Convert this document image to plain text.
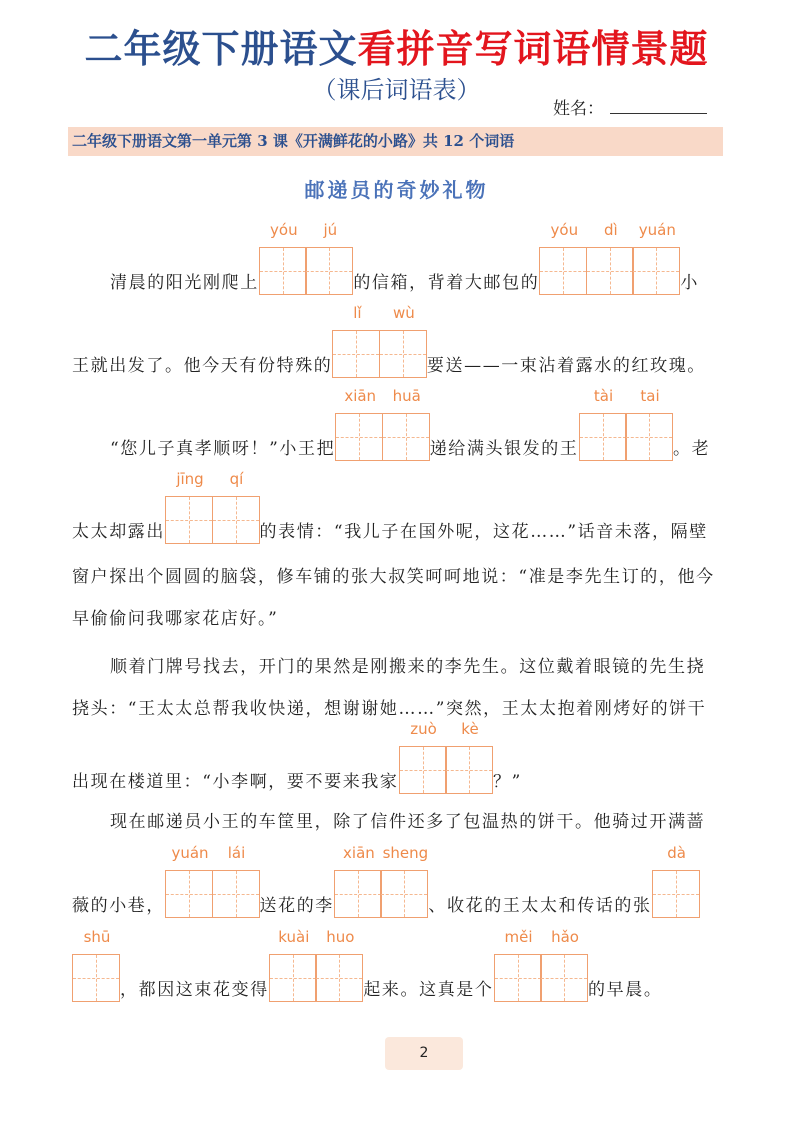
二年级下册语文看拼音写词语情景题
（课后词语表）
姓名：
二年级下册语文第一单元第 3 课《开满鲜花的小路》共 12 个词语
邮递员的奇妙礼物
清晨的阳光刚爬上
yóu	jú
的信箱，背着大邮包的
yóu	dì	yuán
小
王就出发了。他今天有份特殊的
lǐ	wù
要送——一束沾着露水的红玫瑰。
“您儿子真孝顺呀！”小王把
xiān	huā
递给满头银发的王
tài	tai
。老
太太却露出
jīng	qí
的表情：“我儿子在国外呢，这花……”话音未落，隔壁
窗户探出个圆圆的脑袋，修车铺的张大叔笑呵呵地说：“准是李先生订的，他今
早偷偷问我哪家花店好。”
顺着门牌号找去，开门的果然是刚搬来的李先生。这位戴着眼镜的先生挠
挠头：“王太太总帮我收快递，想谢谢她……”突然，王太太抱着刚烤好的饼干
出现在楼道里：“小李啊，要不要来我家
zuò	kè
？”
现在邮递员小王的车筐里，除了信件还多了包温热的饼干。他骑过开满蔷
薇的小巷，
yuán	lái
送花的李
xiān sheng
、收花的王太太和传话的张
dà
shū
，都因这束花变得
kuài	huo
起来。这真是个
měi	hǎo
的早晨。
2
